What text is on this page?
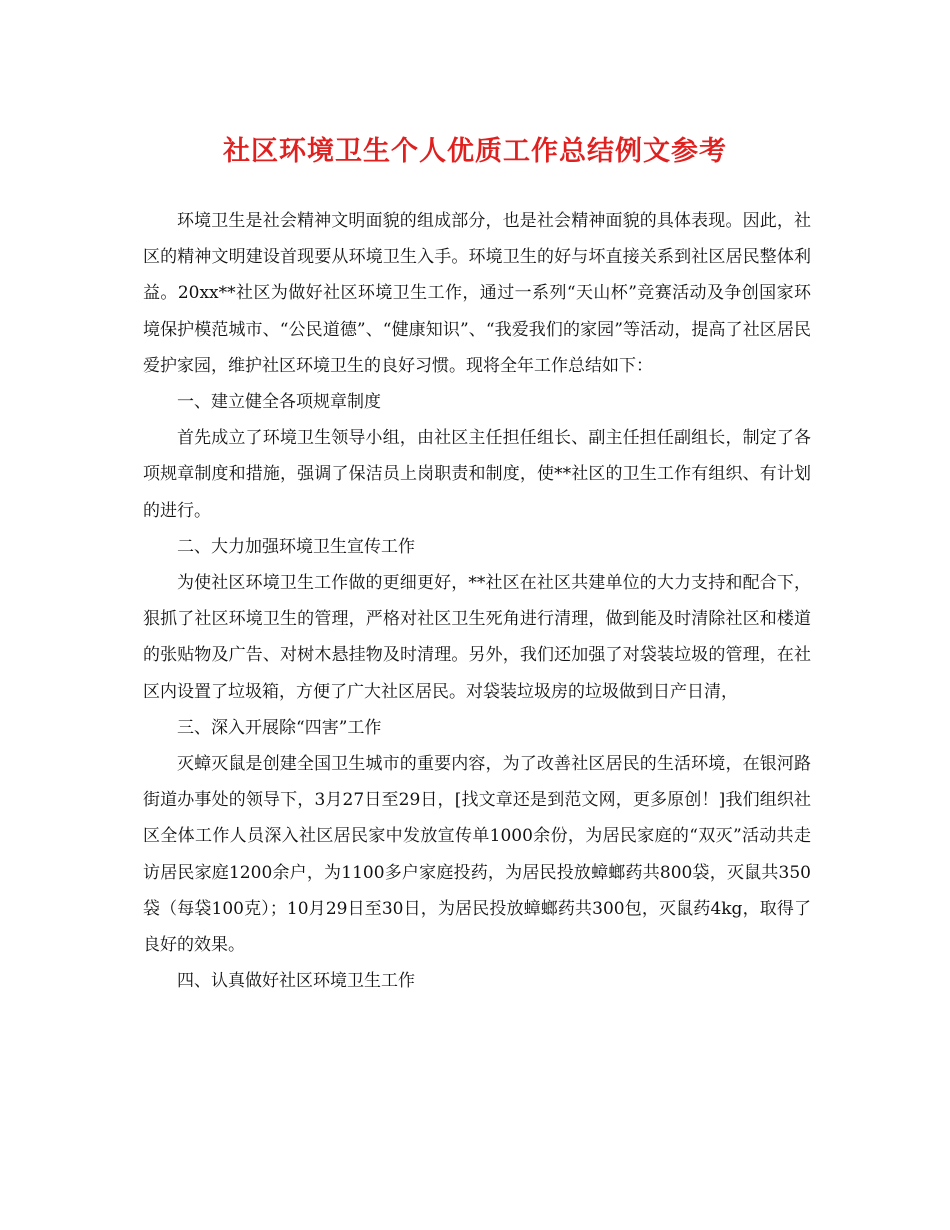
社区环境卫生个人优质工作总结例文参考

环境卫生是社会精神文明面貌的组成部分，也是社会精神面貌的具体表现。因此，社区的精神文明建设首现要从环境卫生入手。环境卫生的好与坏直接关系到社区居民整体利益。20xx**社区为做好社区环境卫生工作，通过一系列“天山杯”竞赛活动及争创国家环境保护模范城市、“公民道德”、“健康知识”、“我爱我们的家园”等活动，提高了社区居民爱护家园，维护社区环境卫生的良好习惯。现将全年工作总结如下：

一、建立健全各项规章制度

首先成立了环境卫生领导小组，由社区主任担任组长、副主任担任副组长，制定了各项规章制度和措施，强调了保洁员上岗职责和制度，使**社区的卫生工作有组织、有计划的进行。

二、大力加强环境卫生宣传工作

为使社区环境卫生工作做的更细更好，**社区在社区共建单位的大力支持和配合下，狠抓了社区环境卫生的管理，严格对社区卫生死角进行清理，做到能及时清除社区和楼道的张贴物及广告、对树木悬挂物及时清理。另外，我们还加强了对袋装垃圾的管理，在社区内设置了垃圾箱，方便了广大社区居民。对袋装垃圾房的垃圾做到日产日清，

三、深入开展除“四害”工作

灭蟑灭鼠是创建全国卫生城市的重要内容，为了改善社区居民的生活环境，在银河路街道办事处的领导下，3月27日至29日，[找文章还是到范文网，更多原创！]我们组织社区全体工作人员深入社区居民家中发放宣传单1000余份，为居民家庭的“双灭”活动共走访居民家庭1200余户，为1100多户家庭投药，为居民投放蟑螂药共800袋，灭鼠共350袋（每袋100克）；10月29日至30日，为居民投放蟑螂药共300包，灭鼠药4kg，取得了良好的效果。

四、认真做好社区环境卫生工作
